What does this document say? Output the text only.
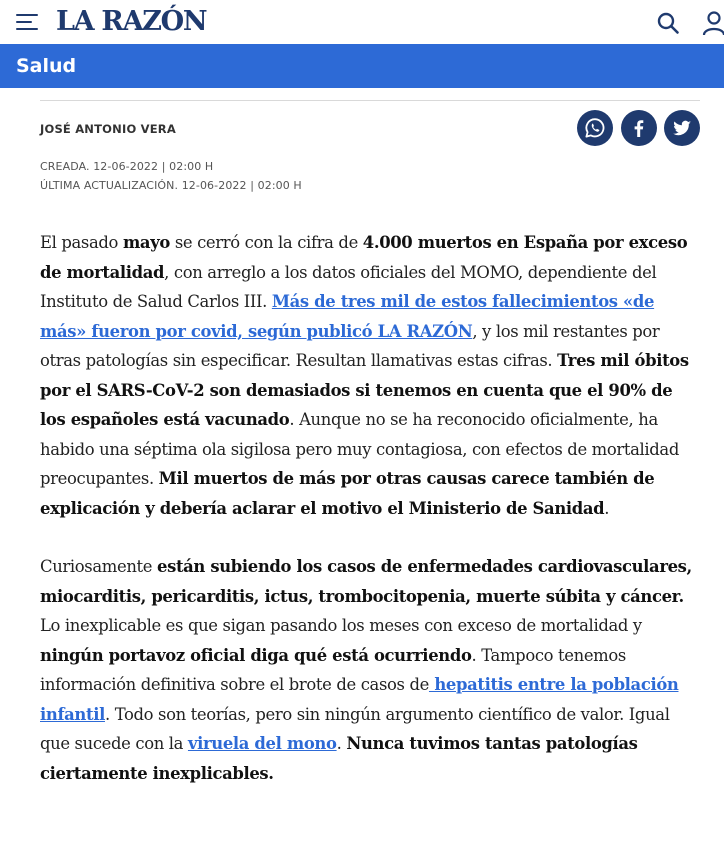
LA RAZÓN
Salud
JOSÉ ANTONIO VERA
CREADA. 12-06-2022 | 02:00 H
ÚLTIMA ACTUALIZACIÓN. 12-06-2022 | 02:00 H

El pasado mayo se cerró con la cifra de 4.000 muertos en España por exceso de mortalidad, con arreglo a los datos oficiales del MOMO, dependiente del Instituto de Salud Carlos III. Más de tres mil de estos fallecimientos «de más» fueron por covid, según publicó LA RAZÓN, y los mil restantes por otras patologías sin especificar. Resultan llamativas estas cifras. Tres mil óbitos por el SARS-CoV-2 son demasiados si tenemos en cuenta que el 90% de los españoles está vacunado. Aunque no se ha reconocido oficialmente, ha habido una séptima ola sigilosa pero muy contagiosa, con efectos de mortalidad preocupantes. Mil muertos de más por otras causas carece también de explicación y debería aclarar el motivo el Ministerio de Sanidad.

Curiosamente están subiendo los casos de enfermedades cardiovasculares, miocarditis, pericarditis, ictus, trombocitopenia, muerte súbita y cáncer. Lo inexplicable es que sigan pasando los meses con exceso de mortalidad y ningún portavoz oficial diga qué está ocurriendo. Tampoco tenemos información definitiva sobre el brote de casos de hepatitis entre la población infantil. Todo son teorías, pero sin ningún argumento científico de valor. Igual que sucede con la viruela del mono. Nunca tuvimos tantas patologías ciertamente inexplicables.
